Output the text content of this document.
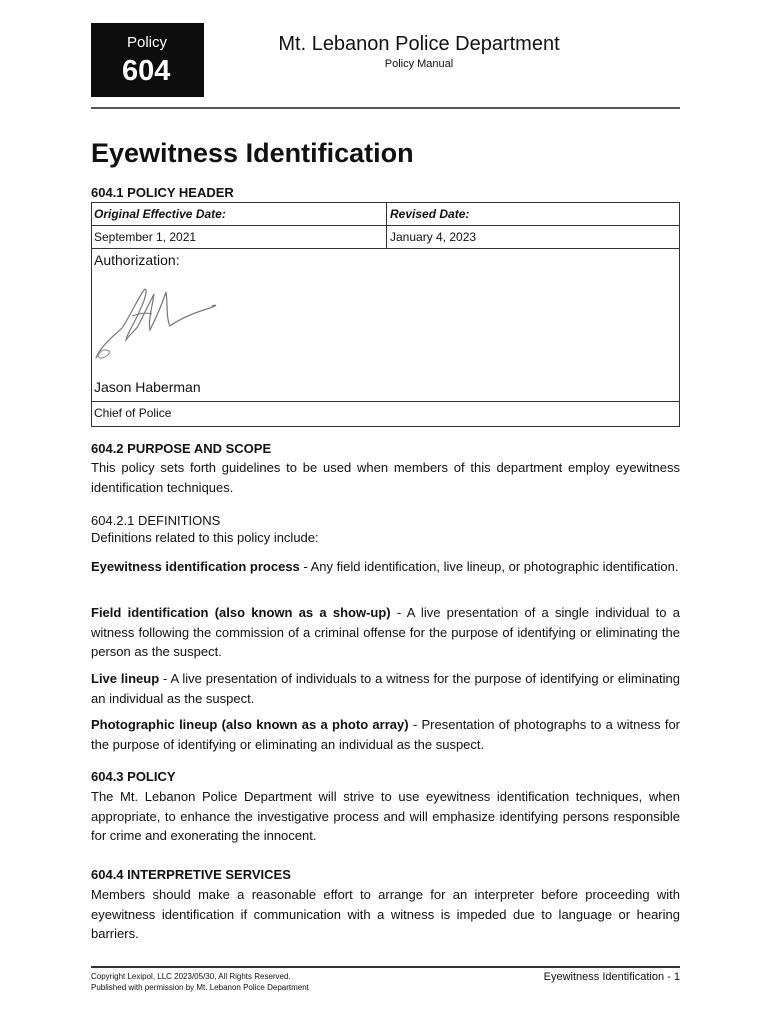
Policy
604
Mt. Lebanon Police Department
Policy Manual
Eyewitness Identification
604.1 POLICY HEADER
Original Effective Date:	Revised Date:
September 1, 2021	January 4, 2023
Authorization:
Jason Haberman
Chief of Police
604.2 PURPOSE AND SCOPE

This policy sets forth guidelines to be used when members of this department employ eyewitness identification techniques.

604.2.1 DEFINITIONS
Definitions related to this policy include:

Eyewitness identification process - Any field identification, live lineup, or photographic identification.

Field identification (also known as a show-up) - A live presentation of a single individual to a witness following the commission of a criminal offense for the purpose of identifying or eliminating the person as the suspect.

Live lineup - A live presentation of individuals to a witness for the purpose of identifying or eliminating an individual as the suspect.

Photographic lineup (also known as a photo array) - Presentation of photographs to a witness for the purpose of identifying or eliminating an individual as the suspect.

604.3 POLICY

The Mt. Lebanon Police Department will strive to use eyewitness identification techniques, when appropriate, to enhance the investigative process and will emphasize identifying persons responsible for crime and exonerating the innocent.

604.4 INTERPRETIVE SERVICES

Members should make a reasonable effort to arrange for an interpreter before proceeding with eyewitness identification if communication with a witness is impeded due to language or hearing barriers.

Copyright Lexipol, LLC 2023/05/30, All Rights Reserved.
Published with permission by Mt. Lebanon Police Department
Eyewitness Identification - 1
